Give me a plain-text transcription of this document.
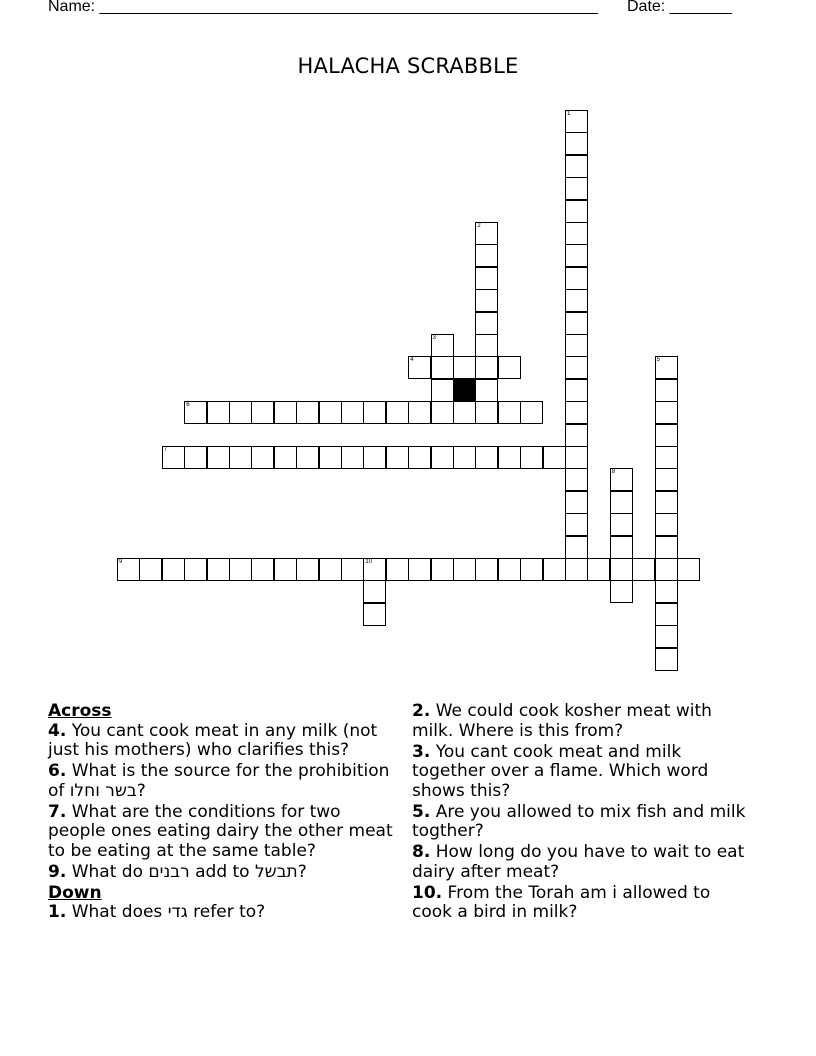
Name: ________________________________________________________ Date: _______
HALACHA SCRABBLE
1
2
3
4	5
6
7
8
9	10

Across

4. You cant cook meat in any milk (not just his mothers) who clarifies this?

6. What is the source for the prohibition of בשר וחלו?

7. What are the conditions for two people ones eating dairy the other meat to be eating at the same table?

9. What do רבנים add to תבשל?

Down

1. What does גדי refer to?

2. We could cook kosher meat with milk. Where is this from?

3. You cant cook meat and milk together over a flame. Which word shows this?

5. Are you allowed to mix fish and milk togther?

8. How long do you have to wait to eat dairy after meat?

10. From the Torah am i allowed to cook a bird in milk?
